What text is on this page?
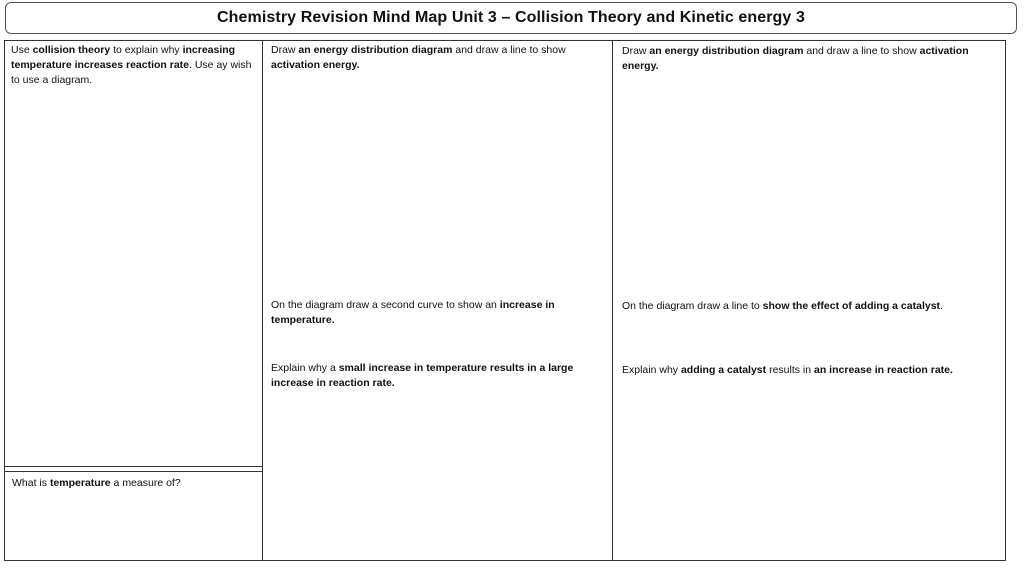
Chemistry Revision Mind Map Unit 3 – Collision Theory and Kinetic energy 3
Use collision theory to explain why increasing temperature increases reaction rate. Use ay wish to use a diagram.
What is temperature a measure of?
Draw an energy distribution diagram and draw a line to show activation energy.
On the diagram draw a second curve to show an increase in temperature.
Explain why a small increase in temperature results in a large increase in reaction rate.
Draw an energy distribution diagram and draw a line to show activation energy.
On the diagram draw a line to show the effect of adding a catalyst.
Explain why adding a catalyst results in an increase in reaction rate.
